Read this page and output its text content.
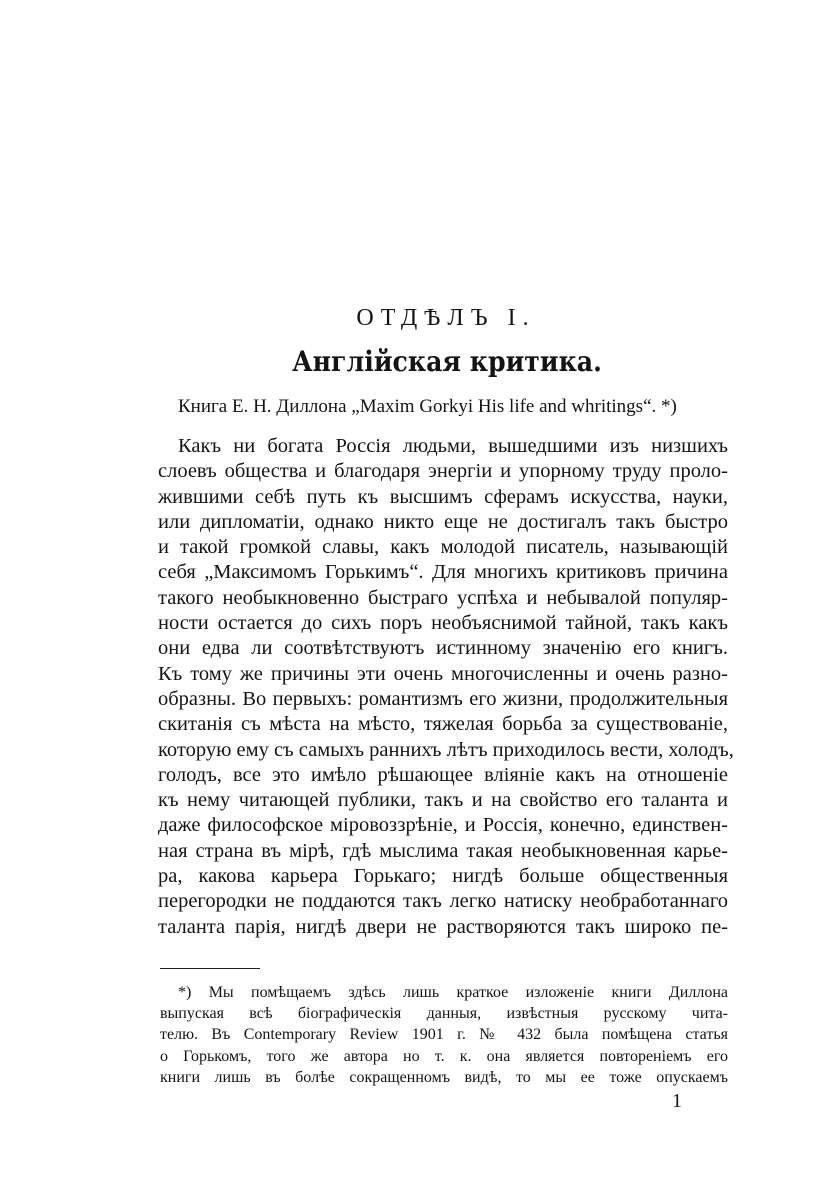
ОТДѢЛЪ I.
Англійская критика.

Книга Е. Н. Диллона „Maxim Gorkyi His life and whritings“. *)

Какъ ни богата Россія людьми, вышедшими изъ низшихъ
слоевъ общества и благодаря энергіи и упорному труду проло-
жившими себѣ путь къ высшимъ сферамъ искусства, науки,
или дипломатіи, однако никто еще не достигалъ такъ быстро
и такой громкой славы, какъ молодой писатель, называющій
себя „Максимомъ Горькимъ“. Для многихъ критиковъ причина
такого необыкновенно быстраго успѣха и небывалой популяр-
ности остается до сихъ поръ необъяснимой тайной, такъ какъ
они едва ли соотвѣтствуютъ истинному значенію его книгъ.
Къ тому же причины эти очень многочисленны и очень разно-
образны. Во первыхъ: романтизмъ его жизни, продолжительныя
скитанія съ мѣста на мѣсто, тяжелая борьба за существованіе,
которую ему съ самыхъ раннихъ лѣтъ приходилось вести, холодъ,
голодъ, все это имѣло рѣшающее вліяніе какъ на отношеніе
къ нему читающей публики, такъ и на свойство его таланта и
даже философское міровоззрѣніе, и Россія, конечно, единствен-
ная страна въ мірѣ, гдѣ мыслима такая необыкновенная карье-
ра, какова карьера Горькаго; нигдѣ больше общественныя
перегородки не поддаются такъ легко натиску необработаннаго
таланта парія, нигдѣ двери не растворяются такъ широко пе-
*) Мы помѣщаемъ здѣсь лишь краткое изложеніе книги Диллона
выпуская всѣ біографическія данныя, извѣстныя русскому чита-
телю. Въ Contemporary Review 1901 г. № 432 была помѣщена статья
о Горькомъ, того же автора но т. к. она является повтореніемъ его
книги лишь въ болѣе сокращенномъ видѣ, то мы ее тоже опускаемъ

1
